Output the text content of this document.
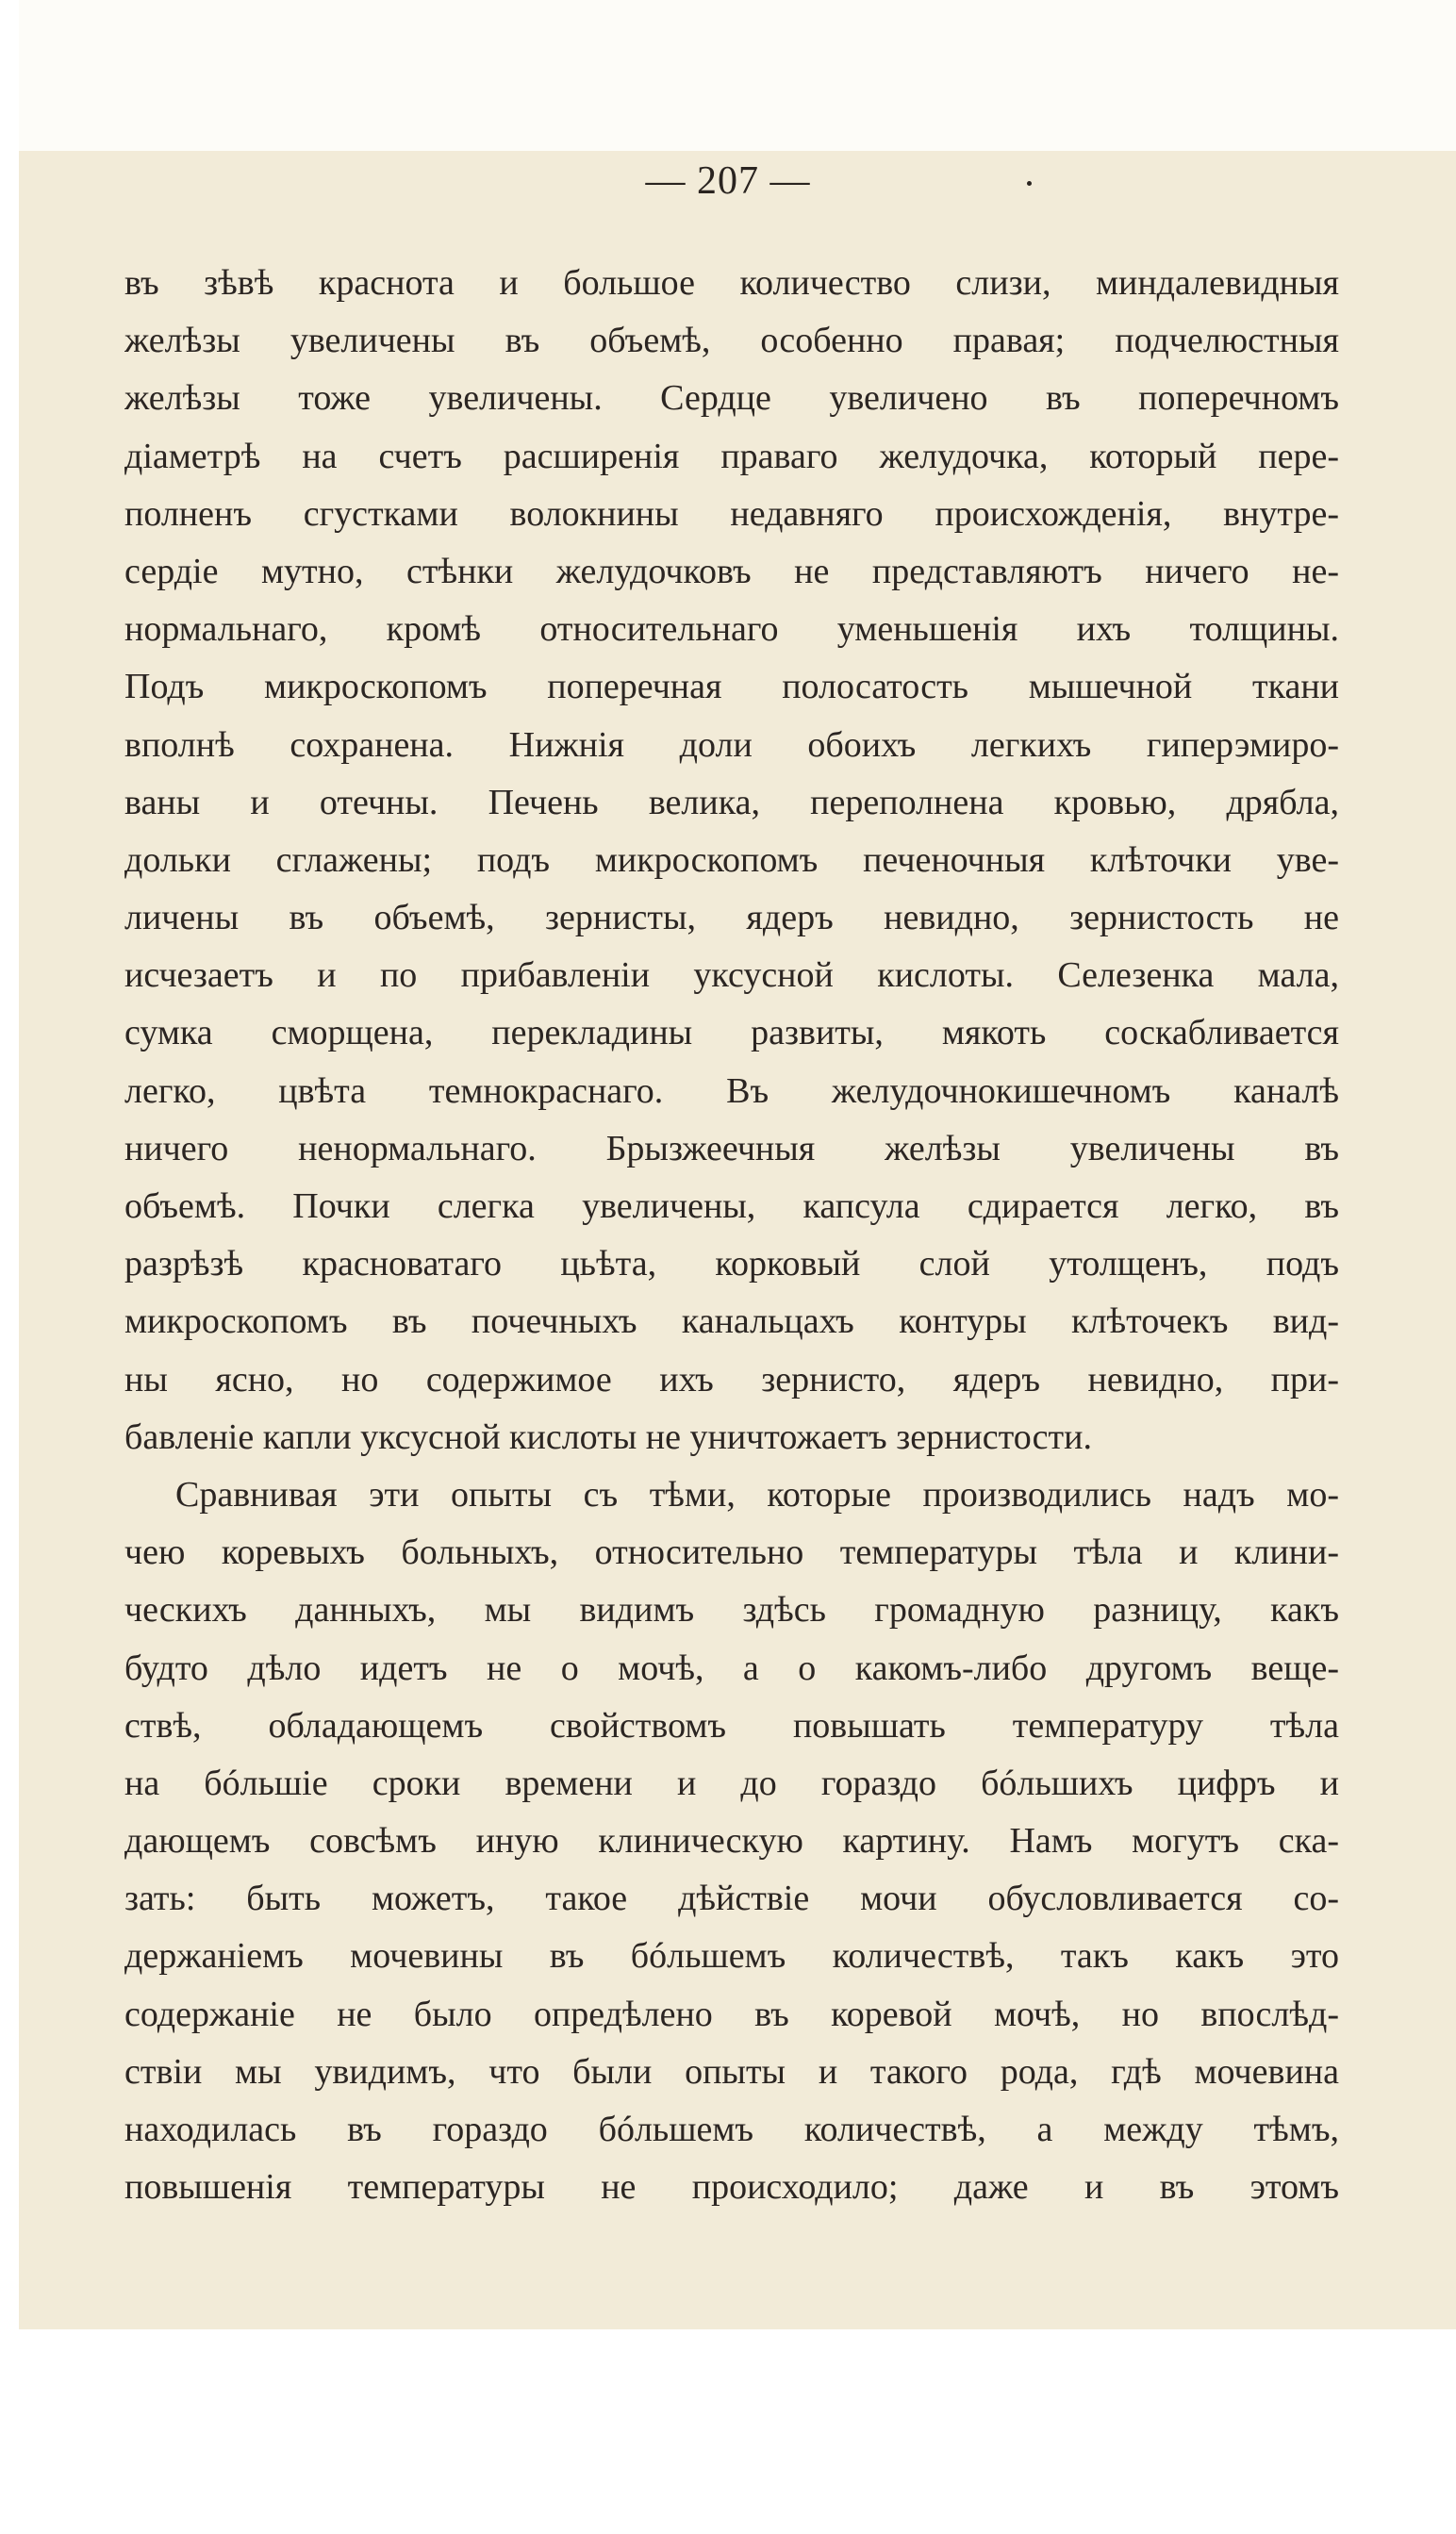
— 207 —
въ зѣвѣ краснота и большое количество слизи, миндалевидныя
желѣзы увеличены въ объемѣ, особенно правая; подчелюстныя
желѣзы тоже увеличены. Сердце увеличено въ поперечномъ
діаметрѣ на счетъ расширенія праваго желудочка, который пере-
полненъ сгустками волокнины недавняго происхожденія, внутре-
сердіе мутно, стѣнки желудочковъ не представляютъ ничего не-
нормальнаго, кромѣ относительнаго уменьшенія ихъ толщины.
Подъ микроскопомъ поперечная полосатость мышечной ткани
вполнѣ сохранена. Нижнія доли обоихъ легкихъ гиперэмиро-
ваны и отечны. Печень велика, переполнена кровью, дрябла,
дольки сглажены; подъ микроскопомъ печеночныя клѣточки уве-
личены въ объемѣ, зернисты, ядеръ невидно, зернистость не
исчезаетъ и по прибавленіи уксусной кислоты. Селезенка мала,
сумка сморщена, перекладины развиты, мякоть соскабливается
легко, цвѣта темнокраснаго. Въ желудочнокишечномъ каналѣ
ничего ненормальнаго. Брызжеечныя желѣзы увеличены въ
объемѣ. Почки слегка увеличены, капсула сдирается легко, въ
разрѣзѣ красноватаго цьѣта, корковый слой утолщенъ, подъ
микроскопомъ въ почечныхъ канальцахъ контуры клѣточекъ вид-
ны ясно, но содержимое ихъ зернисто, ядеръ невидно, при-
бавленіе капли уксусной кислоты не уничтожаетъ зернистости.
Сравнивая эти опыты съ тѣми, которые производились надъ мо-
чею коревыхъ больныхъ, относительно температуры тѣла и клини-
ческихъ данныхъ, мы видимъ здѣсь громадную разницу, какъ
будто дѣло идетъ не о мочѣ, а о какомъ-либо другомъ веще-
ствѣ, обладающемъ свойствомъ повышать температуру тѣла
на бóльшіе сроки времени и до гораздо бóльшихъ цифръ и
дающемъ совсѣмъ иную клиническую картину. Намъ могутъ ска-
зать: быть можетъ, такое дѣйствіе мочи обусловливается со-
держаніемъ мочевины въ бóльшемъ количествѣ, такъ какъ это
содержаніе не было опредѣлено въ коревой мочѣ, но впослѣд-
ствіи мы увидимъ, что были опыты и такого рода, гдѣ мочевина
находилась въ гораздо бóльшемъ количествѣ, а между тѣмъ,
повышенія температуры не происходило; даже и въ этомъ
